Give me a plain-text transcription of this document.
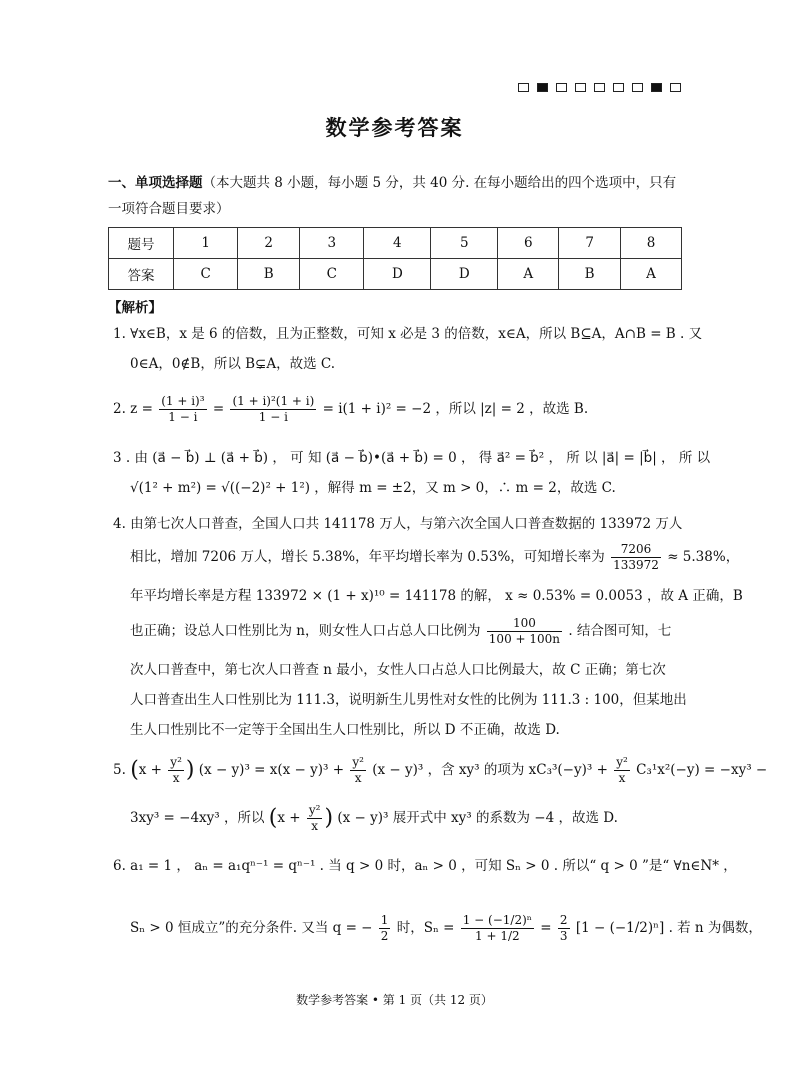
数学参考答案
一、单项选择题（本大题共 8 小题，每小题 5 分，共 40 分. 在每小题给出的四个选项中，只有一项符合题目要求）
题号	1	2	3	4	5	6	7	8
答案	C	B	C	D	D	A	B	A
【解析】
1. ∀x∈B，x 是 6 的倍数，且为正整数，可知 x 必是 3 的倍数，x∈A，所以 B⊆A，A∩B = B . 又
0∈A，0∉B，所以 B⊊A，故选 C.
2. $z = \frac{\text{(1 + i)³}}{1 - i} = \frac{\text{(1 + i)²(1 + i)}}{1 - i} = i(1 + i)^2 = -2$ ，所以 |z| = 2 ，故选 B.
3 . 由 (a⃗ − b⃗) ⊥ (a⃗ + b⃗) ， 可 知 (a⃗ − b⃗)•(a⃗ + b⃗) = 0 ， 得 a⃗² = b⃗² ， 所 以 |a⃗| = |b⃗| ， 所 以
√(1² + m²) = √((−2)² + 1²) ，解得 m = ±2，又 m > 0，∴ m = 2，故选 C.
4. 由第七次人口普查，全国人口共 141178 万人，与第六次全国人口普查数据的 133972 万人
相比，增加 7206 万人，增长 5.38%，年平均增长率为 0.53%，可知增长率为 $\frac{7206}{133972} \approx 5.38\%$，
年平均增长率是方程 133972 × (1 + x)¹⁰ = 141178 的解， x ≈ 0.53% = 0.0053 ，故 A 正确，B
也正确；设总人口性别比为 n，则女性人口占总人口比例为 $\frac{100}{100 + 100n}$ . 结合图可知，七
次人口普查中，第七次人口普查 n 最小，女性人口占总人口比例最大，故 C 正确；第七次
人口普查出生人口性别比为 111.3，说明新生儿男性对女性的比例为 111.3 : 100，但某地出
生人口性别比不一定等于全国出生人口性别比，所以 D 不正确，故选 D.
5. ($x + \frac{\text{y²}}{x}$ ) $(x - y)^3 = x(x - y)^3 + \frac{\text{y²}}{x} (x - y)^3$ ，含 xy³ 的项为 $xC_3^3(-y)^3 + \frac{\text{y²}}{x} C_3^1x^2(-y) = -xy^3$ −
3xy³ = −4xy³ ，所以 ($x + \frac{\text{y²}}{x}$ ) (x − y)³ 展开式中 xy³ 的系数为 −4 ，故选 D.
6. a₁ = 1 ， aₙ = a₁qⁿ⁻¹ = qⁿ⁻¹ . 当 q > 0 时，aₙ > 0 ，可知 Sₙ > 0 . 所以“ q > 0 ”是“ ∀n∈N* ，
Sₙ > 0 恒成立”的充分条件. 又当 q = − $\frac{1}{2}$ 时，$S_n = \frac{\text{1 − (−1/2)ⁿ}}{1 + 1/2} = \frac{2}{3} [1 - (-1/2)^n]$ . 若 n 为偶数，
数学参考答案 • 第 1 页（共 12 页）
